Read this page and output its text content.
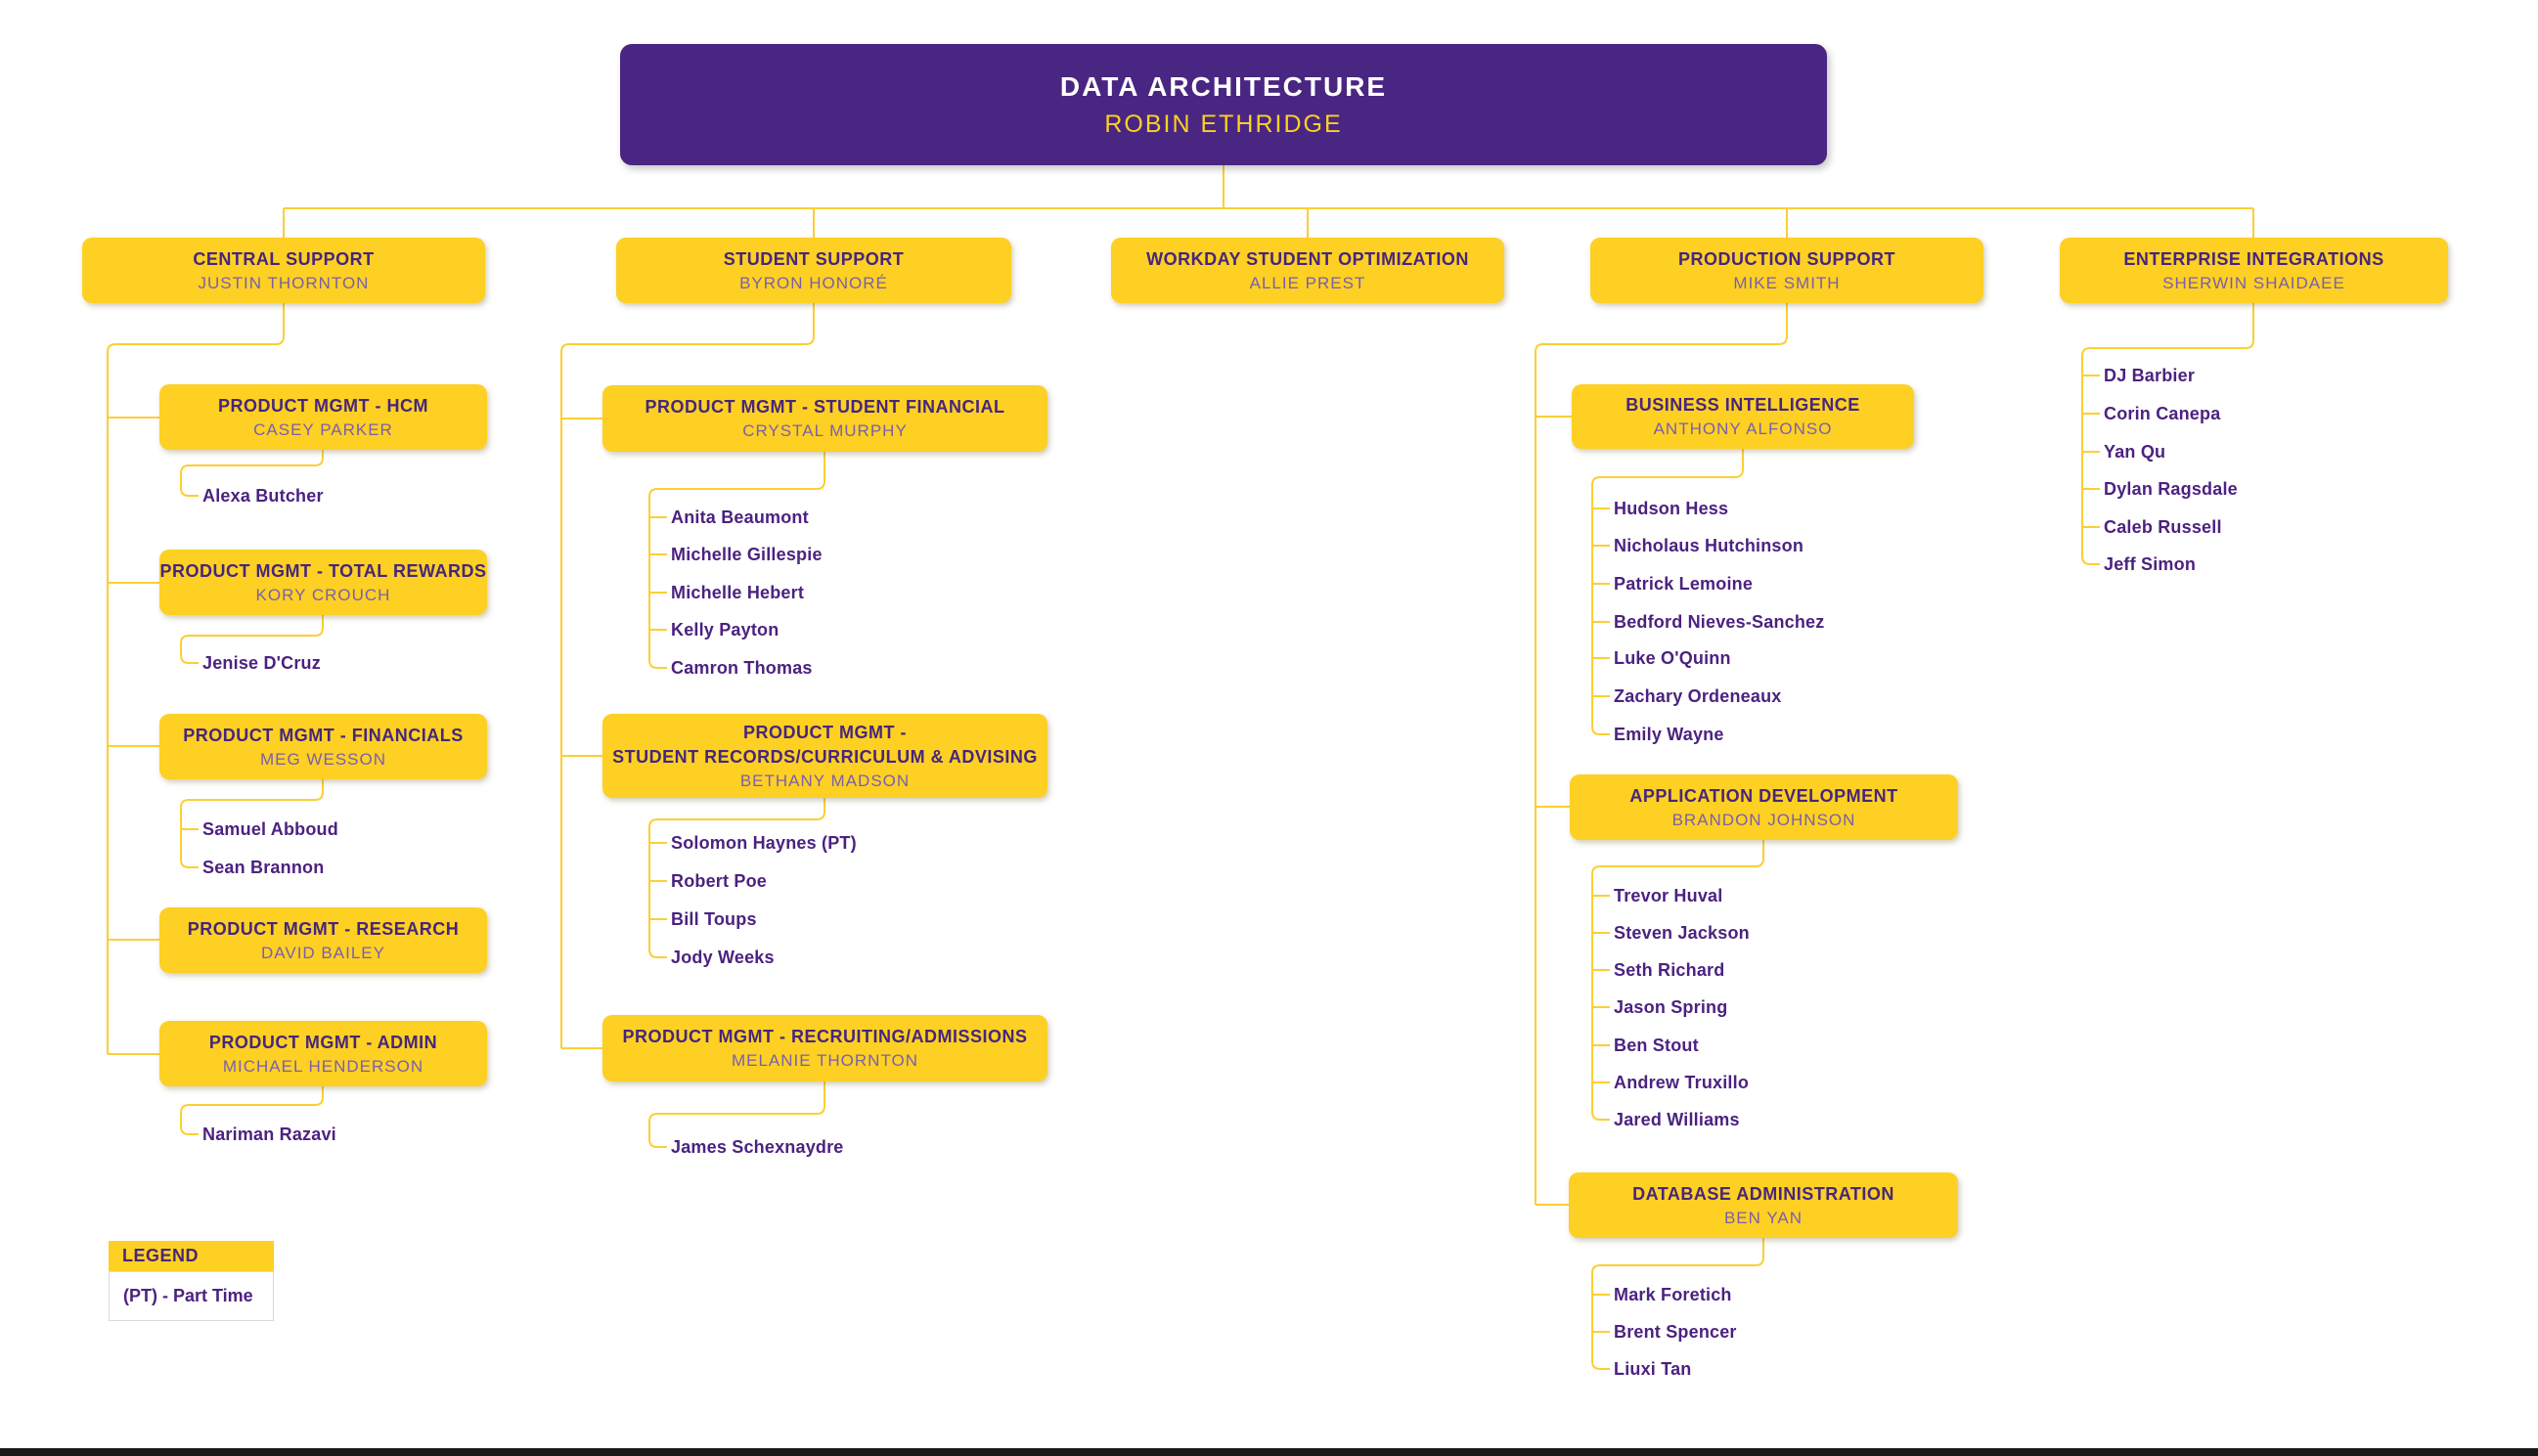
DATA ARCHITECTURE
ROBIN ETHRIDGE
CENTRAL SUPPORT
JUSTIN THORNTON
STUDENT SUPPORT
BYRON HONORÉ
WORKDAY STUDENT OPTIMIZATION
ALLIE PREST
PRODUCTION SUPPORT
MIKE SMITH
ENTERPRISE INTEGRATIONS
SHERWIN SHAIDAEE
PRODUCT MGMT - HCM
CASEY PARKER
PRODUCT MGMT - TOTAL REWARDS
KORY CROUCH
PRODUCT MGMT - FINANCIALS
MEG WESSON
PRODUCT MGMT - RESEARCH
DAVID BAILEY
PRODUCT MGMT - ADMIN
MICHAEL HENDERSON
Alexa Butcher
Jenise D'Cruz
Samuel Abboud
Sean Brannon
Nariman Razavi
PRODUCT MGMT - STUDENT FINANCIAL
CRYSTAL MURPHY
PRODUCT MGMT -
STUDENT RECORDS/CURRICULUM & ADVISING
BETHANY MADSON
PRODUCT MGMT - RECRUITING/ADMISSIONS
MELANIE THORNTON
Anita Beaumont
Michelle Gillespie
Michelle Hebert
Kelly Payton
Camron Thomas
Solomon Haynes (PT)
Robert Poe
Bill Toups
Jody Weeks
James Schexnaydre
BUSINESS INTELLIGENCE
ANTHONY ALFONSO
APPLICATION DEVELOPMENT
BRANDON JOHNSON
DATABASE ADMINISTRATION
BEN YAN
Hudson Hess
Nicholaus Hutchinson
Patrick Lemoine
Bedford Nieves-Sanchez
Luke O'Quinn
Zachary Ordeneaux
Emily Wayne
Trevor Huval
Steven Jackson
Seth Richard
Jason Spring
Ben Stout
Andrew Truxillo
Jared Williams
Mark Foretich
Brent Spencer
Liuxi Tan
DJ Barbier
Corin Canepa
Yan Qu
Dylan Ragsdale
Caleb Russell
Jeff Simon
LEGEND
(PT) - Part Time
